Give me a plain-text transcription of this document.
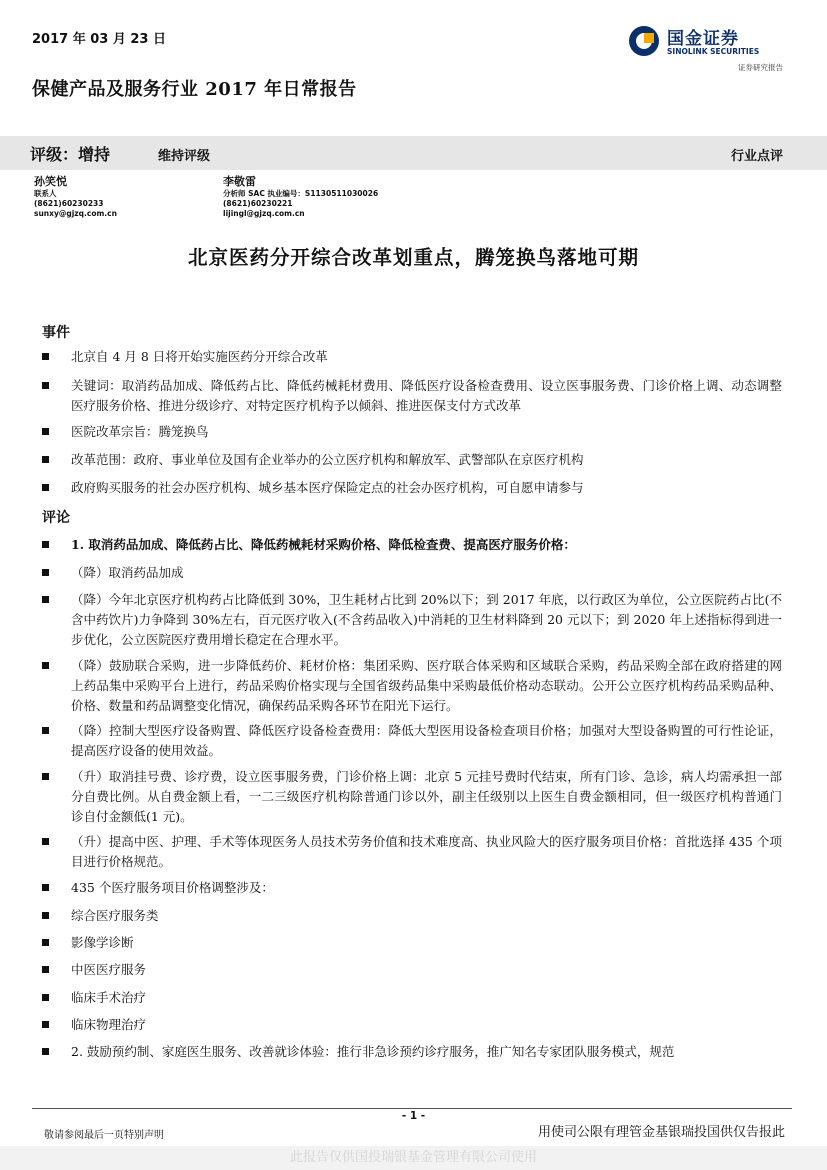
2017 年 03 月 23 日
保健产品及服务行业 2017 年日常报告
国金证券
SINOLINK SECURITIES
证券研究报告
评级：增持	维持评级	行业点评
孙笑悦
联系人
(8621)60230233
sunxy@gjzq.com.cn
李敬雷
分析师 SAC 执业编号：S1130511030026
(8621)60230221
lijingl@gjzq.com.cn
北京医药分开综合改革划重点，腾笼换鸟落地可期
事件
北京自 4 月 8 日将开始实施医药分开综合改革
关键词：取消药品加成、降低药占比、降低药械耗材费用、降低医疗设备检查费用、设立医事服务费、门诊价格上调、动态调整医疗服务价格、推进分级诊疗、对特定医疗机构予以倾斜、推进医保支付方式改革
医院改革宗旨：腾笼换鸟
改革范围：政府、事业单位及国有企业举办的公立医疗机构和解放军、武警部队在京医疗机构
政府购买服务的社会办医疗机构、城乡基本医疗保险定点的社会办医疗机构，可自愿申请参与
评论
1. 取消药品加成、降低药占比、降低药械耗材采购价格、降低检查费、提高医疗服务价格：
（降）取消药品加成
（降）今年北京医疗机构药占比降低到 30%，卫生耗材占比到 20%以下；到 2017 年底，以行政区为单位，公立医院药占比(不含中药饮片)力争降到 30%左右，百元医疗收入(不含药品收入)中消耗的卫生材料降到 20 元以下；到 2020 年上述指标得到进一步优化，公立医院医疗费用增长稳定在合理水平。
（降）鼓励联合采购，进一步降低药价、耗材价格：集团采购、医疗联合体采购和区域联合采购，药品采购全部在政府搭建的网上药品集中采购平台上进行，药品采购价格实现与全国省级药品集中采购最低价格动态联动。公开公立医疗机构药品采购品种、价格、数量和药品调整变化情况，确保药品采购各环节在阳光下运行。
（降）控制大型医疗设备购置、降低医疗设备检查费用：降低大型医用设备检查项目价格；加强对大型设备购置的可行性论证，提高医疗设备的使用效益。
（升）取消挂号费、诊疗费，设立医事服务费，门诊价格上调：北京 5 元挂号费时代结束，所有门诊、急诊，病人均需承担一部分自费比例。从自费金额上看，一二三级医疗机构除普通门诊以外，副主任级别以上医生自费金额相同，但一级医疗机构普通门诊自付金额低(1 元)。
（升）提高中医、护理、手术等体现医务人员技术劳务价值和技术难度高、执业风险大的医疗服务项目价格：首批选择 435 个项目进行价格规范。
435 个医疗服务项目价格调整涉及：
综合医疗服务类
影像学诊断
中医医疗服务
临床手术治疗
临床物理治疗
2. 鼓励预约制、家庭医生服务、改善就诊体验：推行非急诊预约诊疗服务，推广知名专家团队服务模式，规范
- 1 -
敬请参阅最后一页特别声明	用使司公限有理管金基银瑞投国供仅告报此
此报告仅供国投瑞银基金管理有限公司使用
